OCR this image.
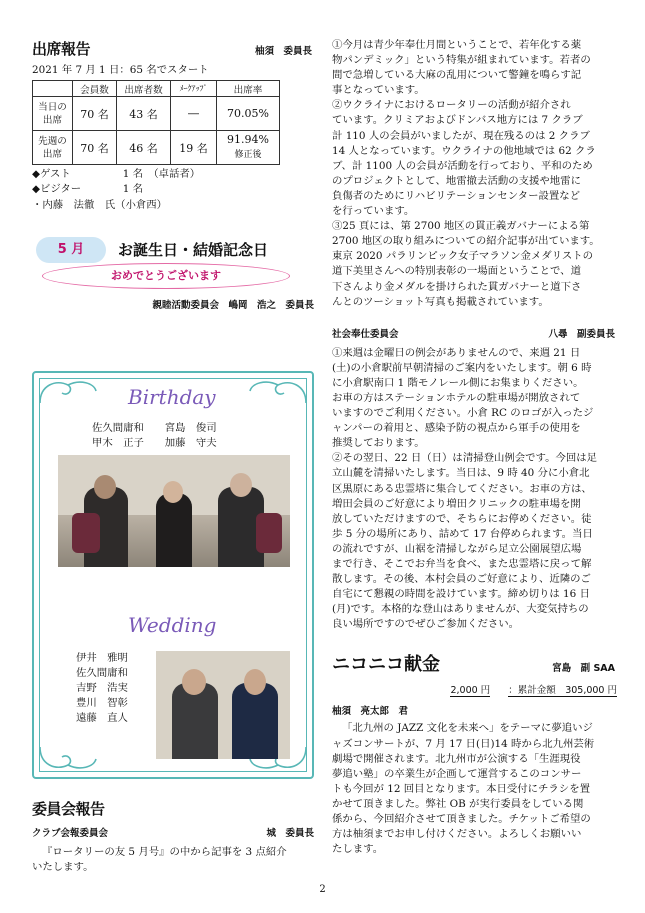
出席報告	柚須　委員長
2021 年 7 月 1 日：65 名でスタート
	会員数	出席者数	ﾒｰｸｱｯﾌﾟ	出席率
当日の
出席	70 名	43 名	―	70.05%
先週の
出席	70 名	46 名	19 名	91.94%
修正後
◆ゲスト　　　　　1 名　（卓話者）
◆ビジター　　　　1 名
・内藤　法徹　氏（小倉西）
5 月	お誕生日・結婚記念日
おめでとうございます
親睦活動委員会　嶋岡　浩之　委員長
Birthday
佐久間庸和　　宮島　俊司
甲木　正子　　加藤　守夫
Wedding
伊井　雅明
佐久間庸和
吉野　浩実
豊川　智彰
遠藤　直人
委員会報告
クラブ会報委員会	城　委員長

『ロータリーの友 5 月号』の中から記事を 3 点紹介

いたします。

①今月は青少年奉仕月間ということで、若年化する薬

物パンデミック」という特集が組まれています。若者の

間で急増している大麻の乱用について警鐘を鳴らす記

事となっています。

②ウクライナにおけるロータリーの活動が紹介され

ています。クリミアおよびドンバス地方には 7 クラブ

計 110 人の会員がいましたが、現在残るのは 2 クラブ

14 人となっています。ウクライナの他地域では 62 クラ

ブ、計 1100 人の会員が活動を行っており、平和のため

のプロジェクトとして、地雷撤去活動の支援や地雷に

負傷者のためにリハビリテーションセンター設置など

を行っています。

③25 頁には、第 2700 地区の貫正義ガバナーによる第

2700 地区の取り組みについての紹介記事が出ています。

東京 2020 パラリンピック女子マラソン金メダリストの

道下美里さんへの特別表彰の一場面ということで、道

下さんより金メダルを掛けられた貫ガバナーと道下さ

んとのツーショット写真も掲載されています。

社会奉仕委員会	八尋　副委員長

①来週は金曜日の例会がありませんので、来週 21 日

(土)の小倉駅前早朝清掃のご案内をいたします。朝 6 時

に小倉駅南口 1 階モノレール側にお集まりください。

お車の方はステーションホテルの駐車場が開放されて

いますのでご利用ください。小倉 RC のロゴが入ったジ

ャンパーの着用と、感染予防の視点から軍手の使用を

推奨しております。

②その翌日、22 日（日）は清掃登山例会です。今回は足

立山麓を清掃いたします。当日は、9 時 40 分に小倉北

区黒原にある忠霊塔に集合してください。お車の方は、

増田会員のご好意により増田クリニックの駐車場を開

放していただけますので、そちらにお停めください。徒

歩 5 分の場所にあり、詰めて 17 台停められます。当日

の流れですが、山裾を清掃しながら足立公園展望広場

まで行き、そこでお弁当を食べ、また忠霊塔に戻って解

散します。その後、本村会員のご好意により、近隣のご

自宅にて懇親の時間を設けています。締め切りは 16 日

(月)です。本格的な登山はありませんが、大変気持ちの

良い場所ですのでぜひご参加ください。

ニコニコ献金	宮島　副 SAA
2,000 円 ：累計金額　305,000 円
柚須　亮太郎　君

「北九州の JAZZ 文化を未来へ」をテーマに夢追いジ

ャズコンサートが、7 月 17 日(日)14 時から北九州芸術

劇場で開催されます。北九州市が公演する「生涯現役

夢追い塾」の卒業生が企画して運営するこのコンサー

トも今回が 12 回目となります。本日受付にチラシを置

かせて頂きました。弊社 OB が実行委員をしている関

係から、今回紹介させて頂きました。チケットご希望の

方は柚須までお申し付けください。よろしくお願いい

たします。

2
